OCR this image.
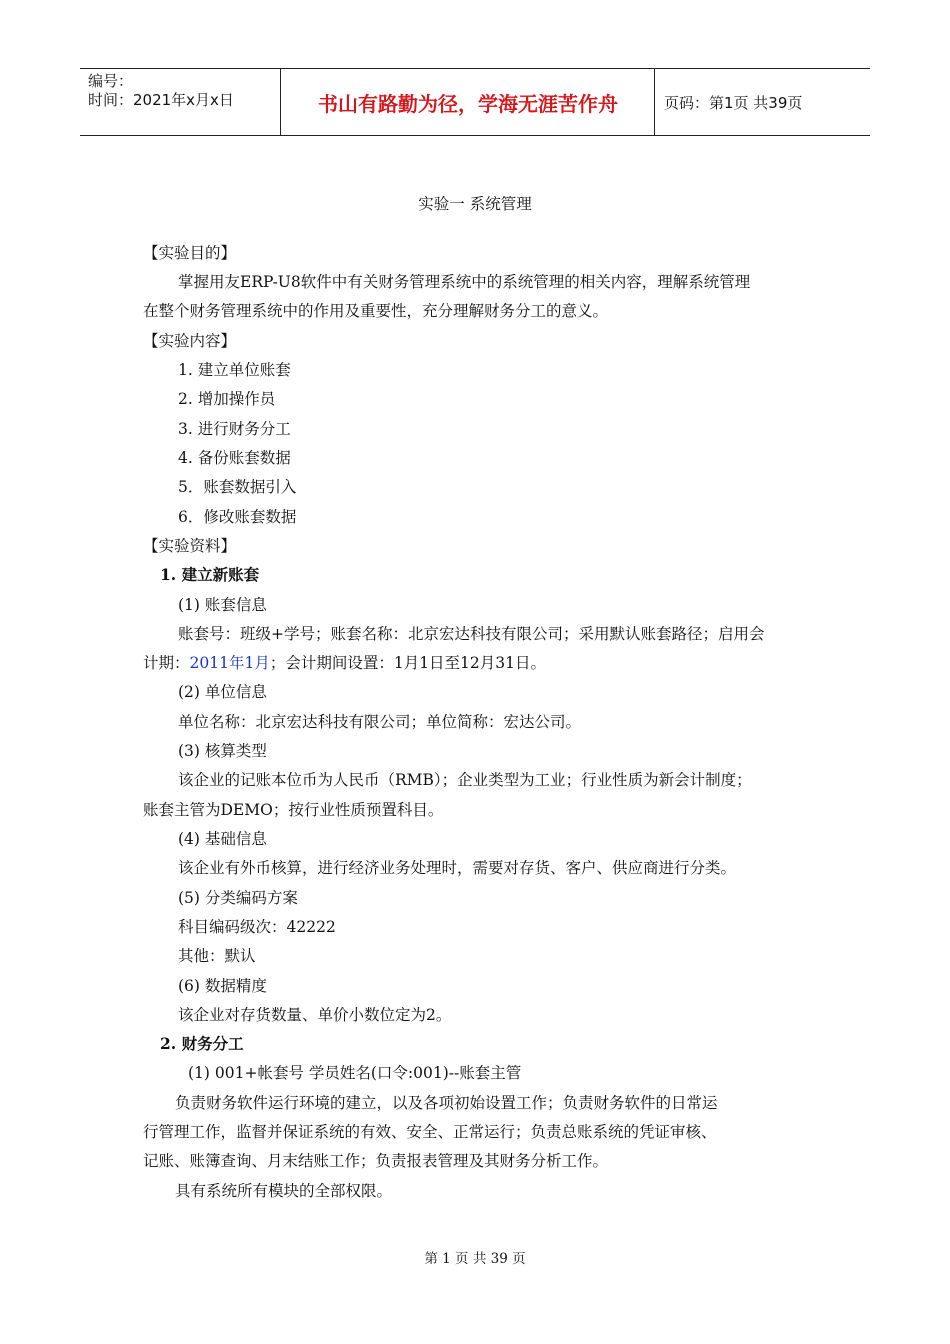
编号：
时间：2021年x月x日	书山有路勤为径，学海无涯苦作舟	页码：第1页 共39页
实验一 系统管理
【实验目的】
掌握用友ERP-U8软件中有关财务管理系统中的系统管理的相关内容，理解系统管理
在整个财务管理系统中的作用及重要性，充分理解财务分工的意义。
【实验内容】
1. 建立单位账套
2. 增加操作员
3. 进行财务分工
4. 备份账套数据
5．账套数据引入
6．修改账套数据
【实验资料】
1. 建立新账套
(1) 账套信息
账套号：班级+学号；账套名称：北京宏达科技有限公司；采用默认账套路径；启用会
计期：2011年1月；会计期间设置：1月1日至12月31日。
(2) 单位信息
单位名称：北京宏达科技有限公司；单位简称：宏达公司。
(3) 核算类型
该企业的记账本位币为人民币（RMB）；企业类型为工业；行业性质为新会计制度；
账套主管为DEMO；按行业性质预置科目。
(4) 基础信息
该企业有外币核算，进行经济业务处理时，需要对存货、客户、供应商进行分类。
(5) 分类编码方案
科目编码级次：42222
其他：默认
(6) 数据精度
该企业对存货数量、单价小数位定为2。
2. 财务分工
(1) 001+帐套号 学员姓名(口令:001)--账套主管
负责财务软件运行环境的建立，以及各项初始设置工作；负责财务软件的日常运
行管理工作，监督并保证系统的有效、安全、正常运行；负责总账系统的凭证审核、
记账、账簿查询、月末结账工作；负责报表管理及其财务分析工作。
具有系统所有模块的全部权限。
第 1 页 共 39 页
